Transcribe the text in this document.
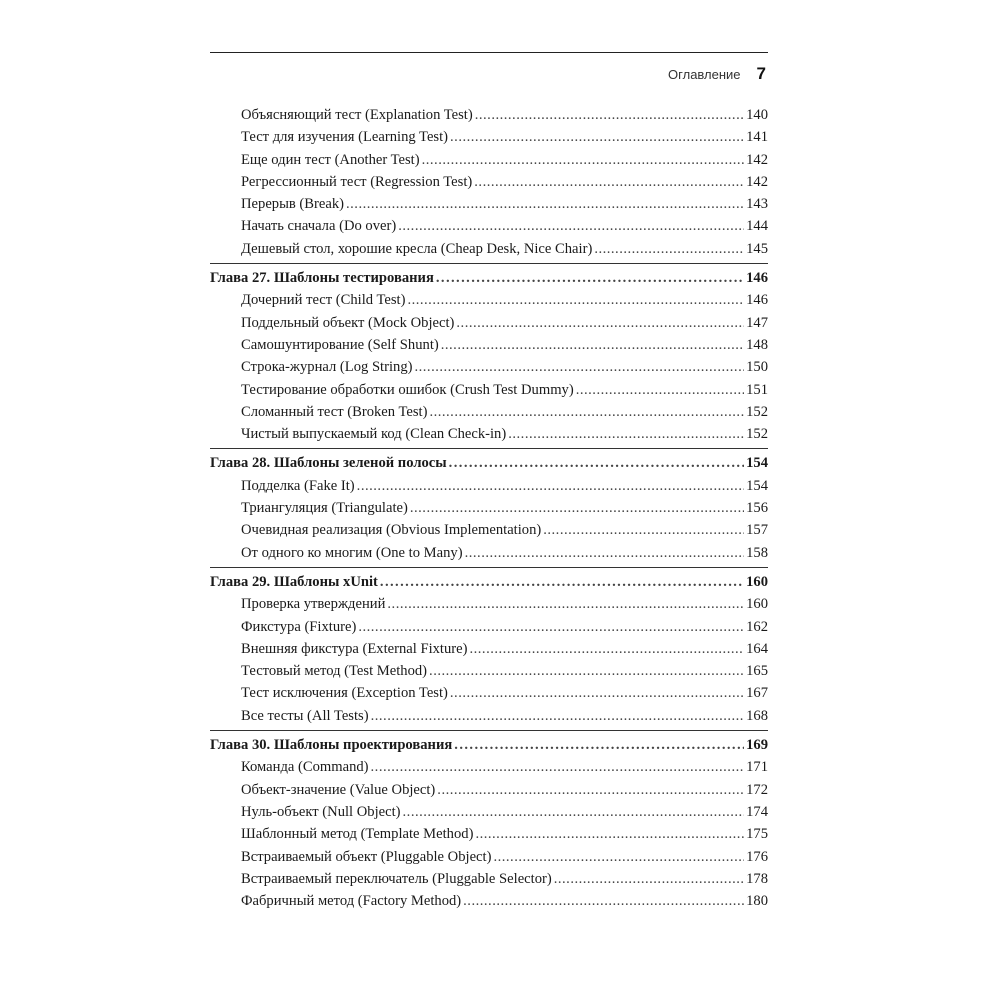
Оглавление 7
Объясняющий тест (Explanation Test) .....	140
Тест для изучения (Learning Test) .....	141
Еще один тест (Another Test) .....	142
Регрессионный тест (Regression Test) .....	142
Перерыв (Break) .....	143
Начать сначала (Do over) .....	144
Дешевый стол, хорошие кресла (Cheap Desk, Nice Chair) .....	145
Глава 27. Шаблоны тестирования .....	146
Дочерний тест (Child Test) .....	146
Поддельный объект (Mock Object) .....	147
Самошунтирование (Self Shunt) .....	148
Строка-журнал (Log String) .....	150
Тестирование обработки ошибок (Crush Test Dummy) .....	151
Сломанный тест (Broken Test) .....	152
Чистый выпускаемый код (Clean Check-in) .....	152
Глава 28. Шаблоны зеленой полосы .....	154
Подделка (Fake It) .....	154
Триангуляция (Triangulate) .....	156
Очевидная реализация (Obvious Implementation) .....	157
От одного ко многим (One to Many) .....	158
Глава 29. Шаблоны xUnit .....	160
Проверка утверждений .....	160
Фикстура (Fixture) .....	162
Внешняя фикстура (External Fixture) .....	164
Тестовый метод (Test Method) .....	165
Тест исключения (Exception Test) .....	167
Все тесты (All Tests) .....	168
Глава 30. Шаблоны проектирования .....	169
Команда (Command) .....	171
Объект-значение (Value Object) .....	172
Нуль-объект (Null Object) .....	174
Шаблонный метод (Template Method) .....	175
Встраиваемый объект (Pluggable Object) .....	176
Встраиваемый переключатель (Pluggable Selector) .....	178
Фабричный метод (Factory Method) .....	180
